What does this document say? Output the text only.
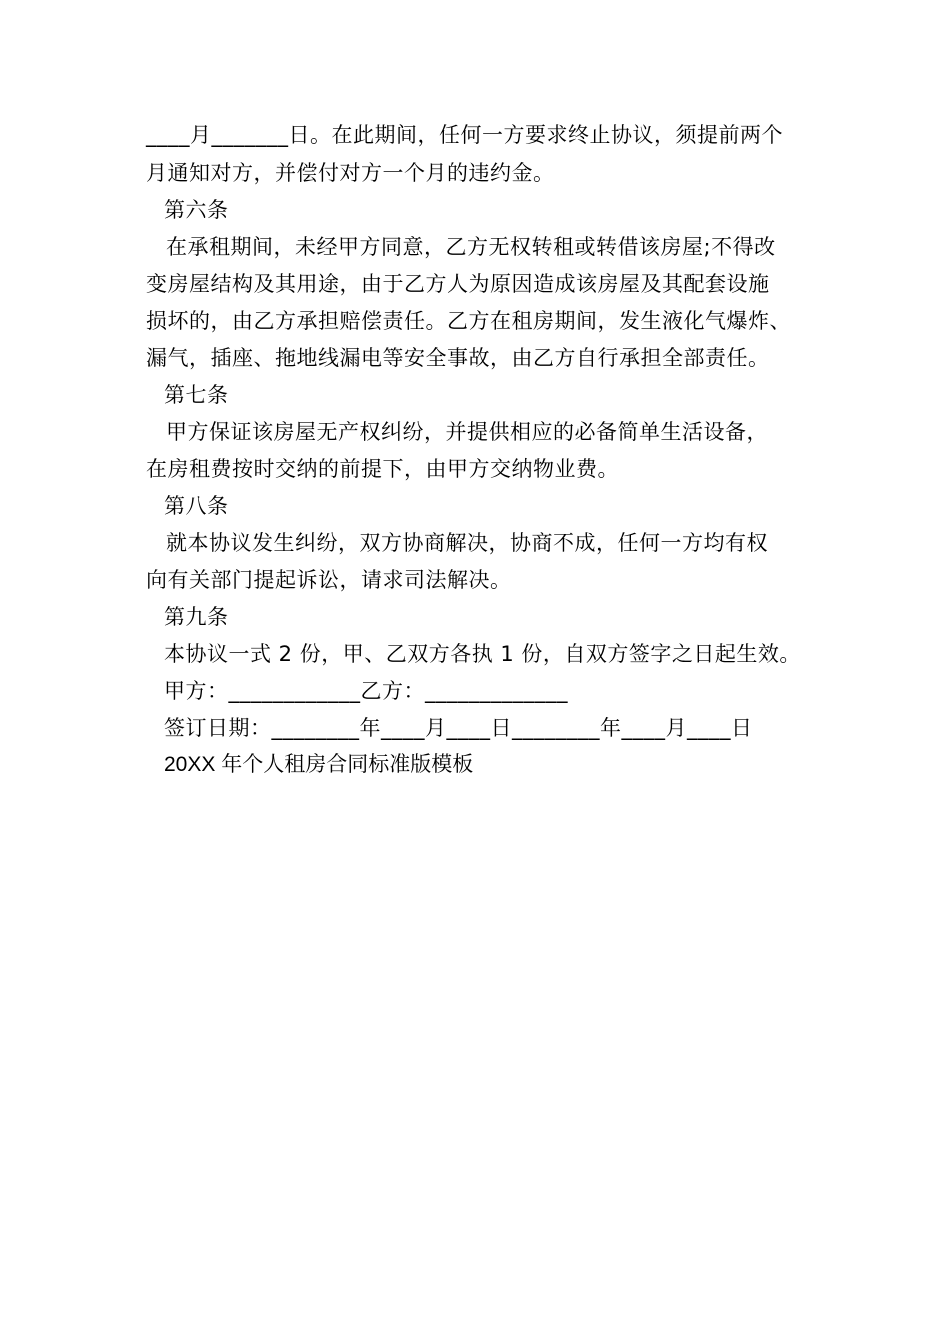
____月_______日。在此期间，任何一方要求终止协议，须提前两个
月通知对方，并偿付对方一个月的违约金。
第六条
在承租期间，未经甲方同意，乙方无权转租或转借该房屋;不得改
变房屋结构及其用途，由于乙方人为原因造成该房屋及其配套设施
损坏的，由乙方承担赔偿责任。乙方在租房期间，发生液化气爆炸、
漏气，插座、拖地线漏电等安全事故，由乙方自行承担全部责任。
第七条
甲方保证该房屋无产权纠纷，并提供相应的必备简单生活设备，
在房租费按时交纳的前提下，由甲方交纳物业费。
第八条
就本协议发生纠纷，双方协商解决，协商不成，任何一方均有权
向有关部门提起诉讼，请求司法解决。
第九条
本协议一式 2 份，甲、乙双方各执 1 份，自双方签字之日起生效。
甲方：____________乙方：_____________
签订日期：________年____月____日________年____月____日
20XX 年个人租房合同标准版模板
